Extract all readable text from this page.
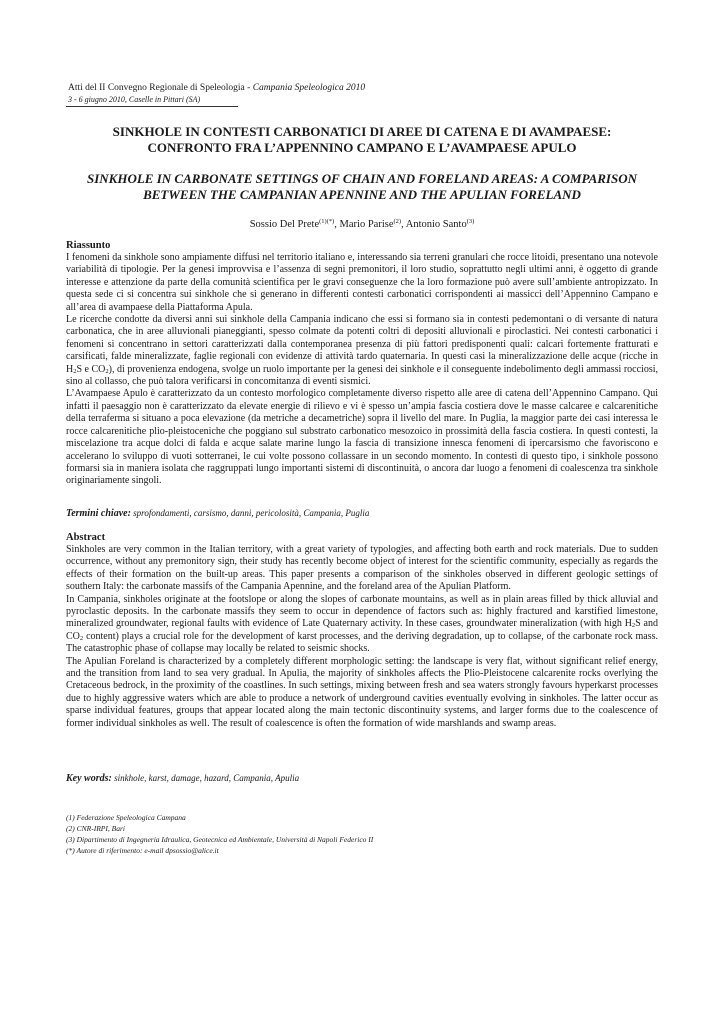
Atti del II Convegno Regionale di Speleologia - Campania Speleologica 2010
3 - 6 giugno 2010, Caselle in Pittari (SA)
SINKHOLE IN CONTESTI CARBONATICI DI AREE DI CATENA E DI AVAMPAESE:
CONFRONTO FRA L’APPENNINO CAMPANO E L’AVAMPAESE APULO
SINKHOLE IN CARBONATE SETTINGS OF CHAIN AND FORELAND AREAS: A COMPARISON
BETWEEN THE CAMPANIAN APENNINE AND THE APULIAN FORELAND
Sossio Del Prete$^{(1)(*)}$, Mario Parise$^{(2)}$, Antonio Santo$^{(3)}$
Riassunto

I fenomeni da sinkhole sono ampiamente diffusi nel territorio italiano e, interessando sia terreni granulari che rocce litoidi, presentano una notevole variabilità di tipologie. Per la genesi improvvisa e l’assenza di segni premonitori, il loro studio, soprattutto negli ultimi anni, è oggetto di grande interesse e attenzione da parte della comunità scientifica per le gravi conseguenze che la loro formazione può avere sull’ambiente antropizzato. In questa sede ci si concentra sui sinkhole che si generano in differenti contesti carbonatici corrispondenti ai massicci dell’Appennino Campano e all’area di avampaese della Piattaforma Apula.

Le ricerche condotte da diversi anni sui sinkhole della Campania indicano che essi si formano sia in contesti pedemontani o di versante di natura carbonatica, che in aree alluvionali pianeggianti, spesso colmate da potenti coltri di depositi alluvionali e piroclastici. Nei contesti carbonatici i fenomeni si concentrano in settori caratterizzati dalla contemporanea presenza di più fattori predisponenti quali: calcari fortemente fratturati e carsificati, falde mineralizzate, faglie regionali con evidenze di attività tardo quaternaria. In questi casi la mineralizzazione delle acque (ricche in $H_2S$ e $CO_2$), di provenienza endogena, svolge un ruolo importante per la genesi dei sinkhole e il conseguente indebolimento degli ammassi rocciosi, sino al collasso, che può talora verificarsi in concomitanza di eventi sismici.

L’Avampaese Apulo è caratterizzato da un contesto morfologico completamente diverso rispetto alle aree di catena dell’Appennino Campano. Qui infatti il paesaggio non è caratterizzato da elevate energie di rilievo e vi è spesso un’ampia fascia costiera dove le masse calcaree e calcarenitiche della terraferma si situano a poca elevazione (da metriche a decametriche) sopra il livello del mare. In Puglia, la maggior parte dei casi interessa le rocce calcarenitiche plio-pleistoceniche che poggiano sul substrato carbonatico mesozoico in prossimità della fascia costiera. In questi contesti, la miscelazione tra acque dolci di falda e acque salate marine lungo la fascia di transizione innesca fenomeni di ipercarsismo che favoriscono e accelerano lo sviluppo di vuoti sotterranei, le cui volte possono collassare in un secondo momento. In contesti di questo tipo, i sinkhole possono formarsi sia in maniera isolata che raggruppati lungo importanti sistemi di discontinuità, o ancora dar luogo a fenomeni di coalescenza tra sinkhole originariamente singoli.

Termini chiave: sprofondamenti, carsismo, danni, pericolosità, Campania, Puglia
Abstract

Sinkholes are very common in the Italian territory, with a great variety of typologies, and affecting both earth and rock materials. Due to sudden occurrence, without any premonitory sign, their study has recently become object of interest for the scientific community, especially as regards the effects of their formation on the built-up areas. This paper presents a comparison of the sinkholes observed in different geologic settings of southern Italy: the carbonate massifs of the Campania Apennine, and the foreland area of the Apulian Platform.

In Campania, sinkholes originate at the footslope or along the slopes of carbonate mountains, as well as in plain areas filled by thick alluvial and pyroclastic deposits. In the carbonate massifs they seem to occur in dependence of factors such as: highly fractured and karstified limestone, mineralized groundwater, regional faults with evidence of Late Quaternary activity. In these cases, groundwater mineralization (with high $H_2S$ and $CO_2$ content) plays a crucial role for the development of karst processes, and the deriving degradation, up to collapse, of the carbonate rock mass. The catastrophic phase of collapse may locally be related to seismic shocks.

The Apulian Foreland is characterized by a completely different morphologic setting: the landscape is very flat, without significant relief energy, and the transition from land to sea very gradual. In Apulia, the majority of sinkholes affects the Plio-Pleistocene calcarenite rocks overlying the Cretaceous bedrock, in the proximity of the coastlines. In such settings, mixing between fresh and sea waters strongly favours hyperkarst processes due to highly aggressive waters which are able to produce a network of underground cavities eventually evolving in sinkholes. The latter occur as sparse individual features, groups that appear located along the main tectonic discontinuity systems, and larger forms due to the coalescence of former individual sinkholes as well. The result of coalescence is often the formation of wide marshlands and swamp areas.

Key words: sinkhole, karst, damage, hazard, Campania, Apulia
(1) Federazione Speleologica Campana
(2) CNR-IRPI, Bari
(3) Dipartimento di Ingegneria Idraulica, Geotecnica ed Ambientale, Università di Napoli Federico II
(*) Autore di riferimento: e-mail dpsossio@alice.it
